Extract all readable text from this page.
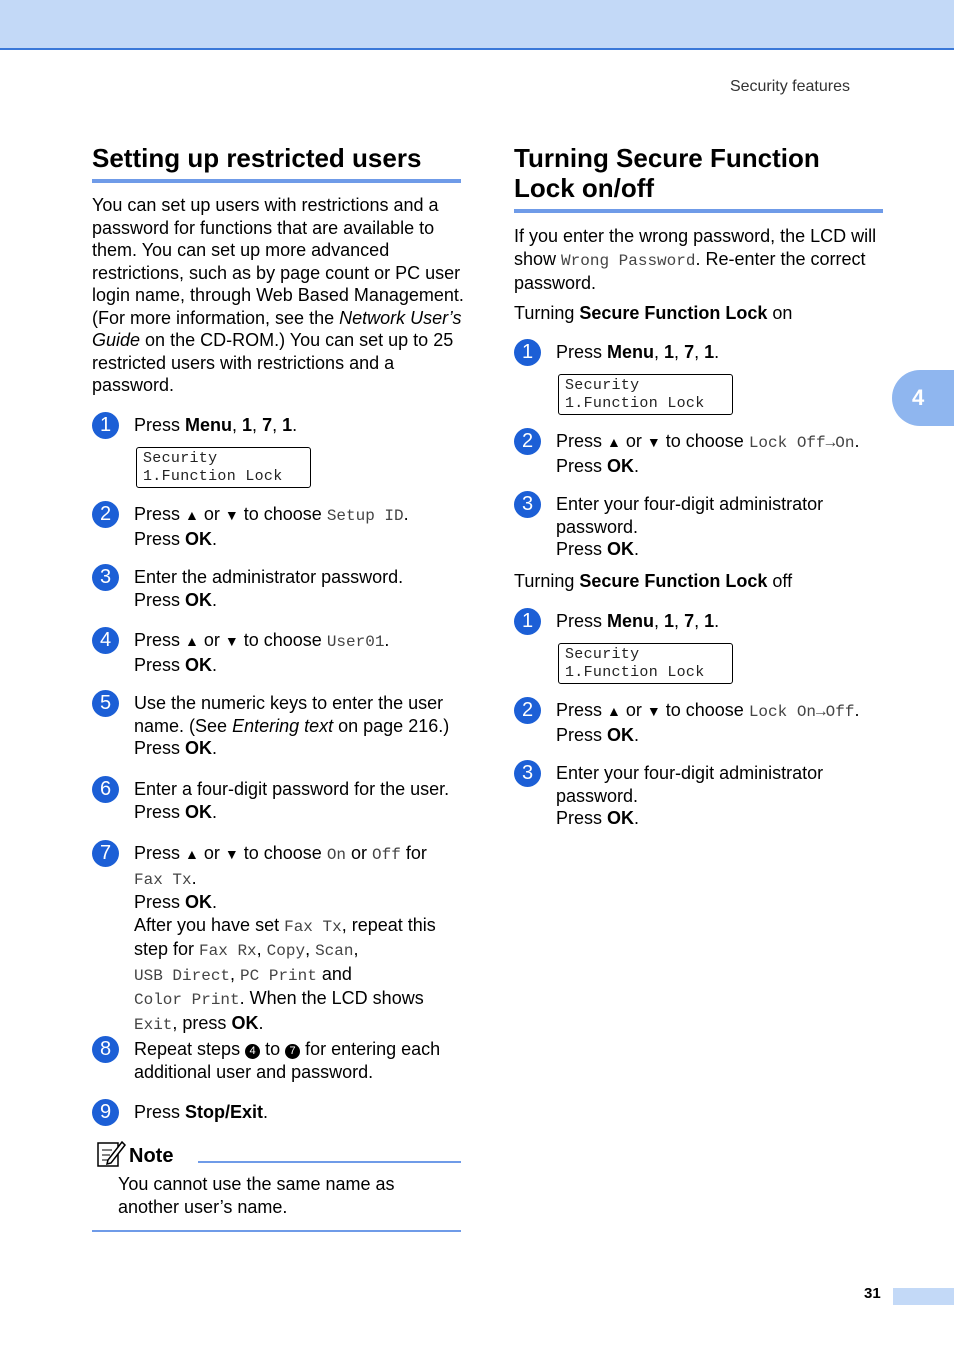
Security features
4
Setting up restricted users

You can set up users with restrictions and a password for functions that are available to them. You can set up more advanced restrictions, such as by page count or PC user login name, through Web Based Management. (For more information, see the Network User’s Guide on the CD-ROM.) You can set up to 25 restricted users with restrictions and a password.

1	Press Menu, 1, 7, 1.
Security
1.Function Lock
2	Press ▲ or ▼ to choose Setup ID.
Press OK.
3	Enter the administrator password.
Press OK.
4	Press ▲ or ▼ to choose User01.
Press OK.
5	Use the numeric keys to enter the user name. (See Entering text on page 216.)
Press OK.
6	Enter a four-digit password for the user.
Press OK.
7	Press ▲ or ▼ to choose On or Off for
Fax Tx.
Press OK.
After you have set Fax Tx, repeat this step for Fax Rx, Copy, Scan,
USB Direct, PC Print and
Color Print. When the LCD shows
Exit, press OK.
8	Repeat steps 4 to 7 for entering each additional user and password.
9	Press Stop/Exit.
Note
You cannot use the same name as another user’s name.
Turning Secure Function
Lock on/off

If you enter the wrong password, the LCD will show Wrong Password. Re-enter the correct password.

Turning Secure Function Lock on
1	Press Menu, 1, 7, 1.
Security
1.Function Lock
2	Press ▲ or ▼ to choose Lock Off→On.
Press OK.
3	Enter your four-digit administrator password.
Press OK.
Turning Secure Function Lock off
1	Press Menu, 1, 7, 1.
Security
1.Function Lock
2	Press ▲ or ▼ to choose Lock On→Off.
Press OK.
3	Enter your four-digit administrator password.
Press OK.
31
